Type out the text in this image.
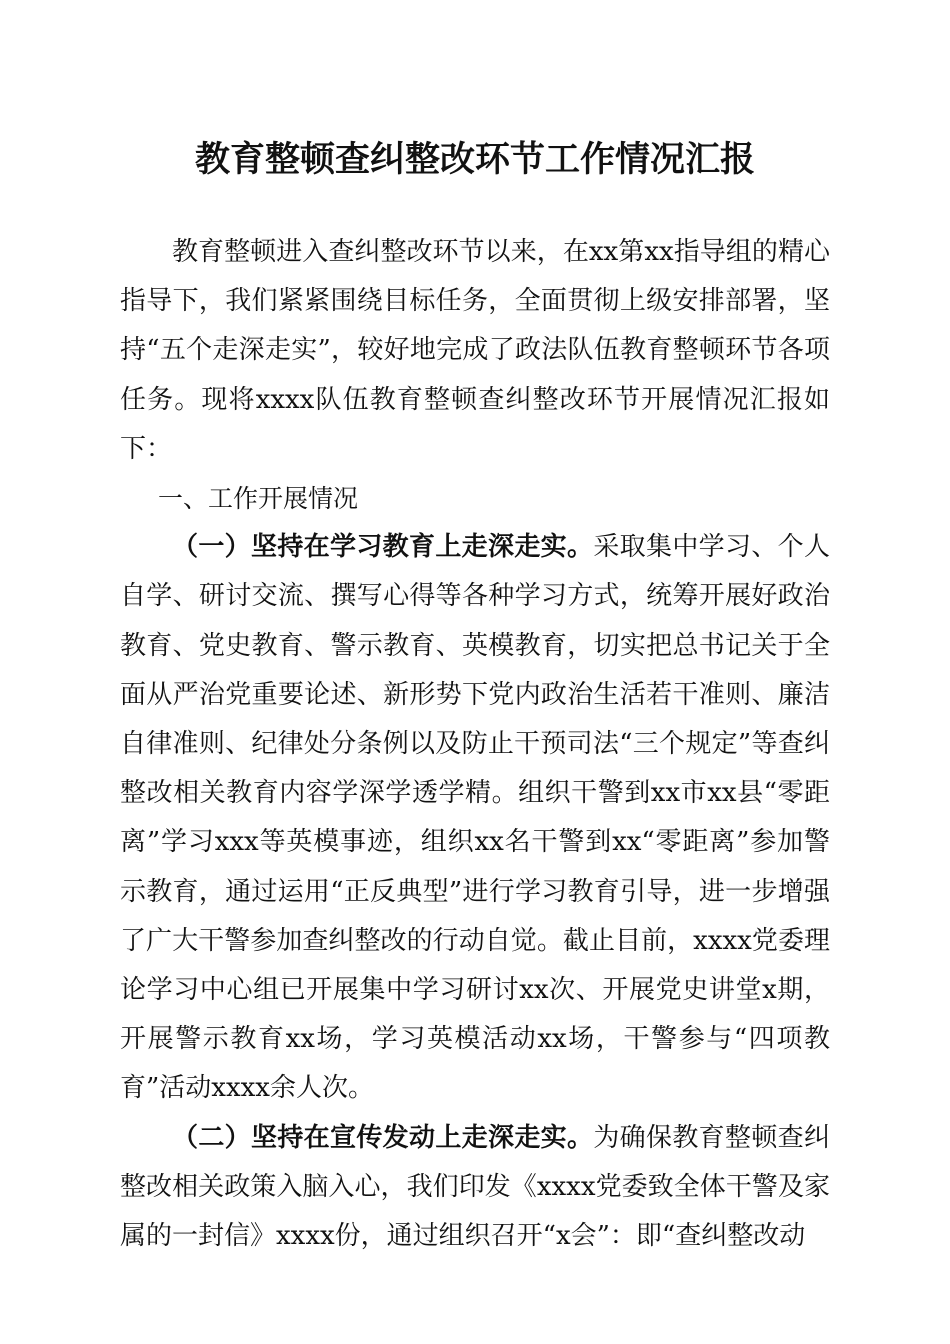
教育整顿查纠整改环节工作情况汇报

教育整顿进入查纠整改环节以来，在xx第xx指导组的精心指导下，我们紧紧围绕目标任务，全面贯彻上级安排部署，坚持“五个走深走实”，较好地完成了政法队伍教育整顿环节各项任务。现将xxxx队伍教育整顿查纠整改环节开展情况汇报如下：

一、工作开展情况

（一）坚持在学习教育上走深走实。采取集中学习、个人自学、研讨交流、撰写心得等各种学习方式，统筹开展好政治教育、党史教育、警示教育、英模教育，切实把总书记关于全面从严治党重要论述、新形势下党内政治生活若干准则、廉洁自律准则、纪律处分条例以及防止干预司法“三个规定”等查纠整改相关教育内容学深学透学精。组织干警到xx市xx县“零距离”学习xxx等英模事迹，组织xx名干警到xx“零距离”参加警示教育，通过运用“正反典型”进行学习教育引导，进一步增强了广大干警参加查纠整改的行动自觉。截止目前，xxxx党委理论学习中心组已开展集中学习研讨xx次、开展党史讲堂x期，开展警示教育xx场，学习英模活动xx场，干警参与“四项教育”活动xxxx余人次。

（二）坚持在宣传发动上走深走实。为确保教育整顿查纠整改相关政策入脑入心，我们印发《xxxx党委致全体干警及家属的一封信》xxxx份，通过组织召开“x会”：即“查纠整改动
